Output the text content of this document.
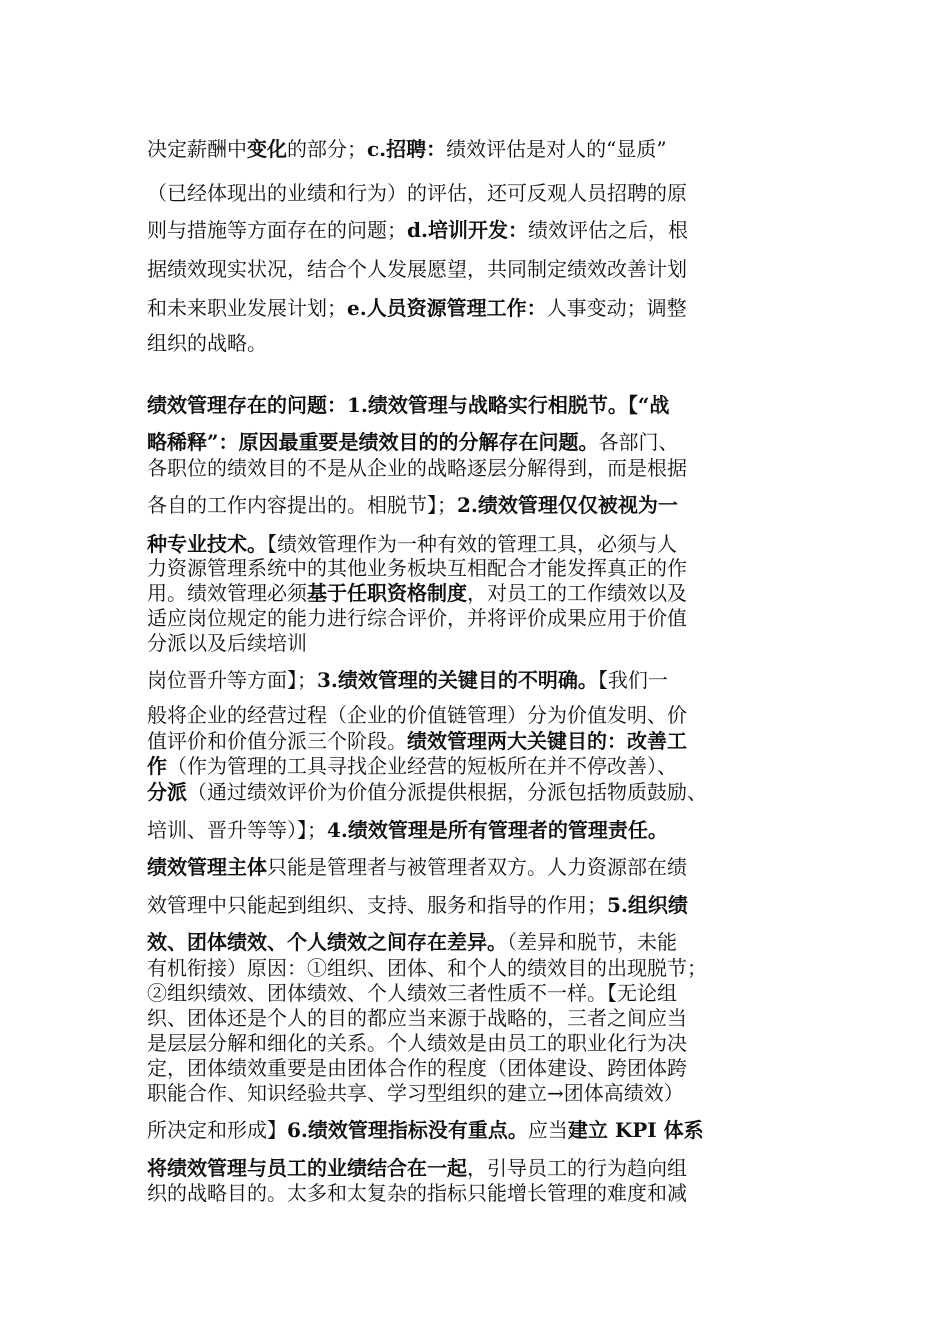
决定薪酬中变化的部分；c.招聘：绩效评估是对人的“显质”
（已经体现出的业绩和行为）的评估，还可反观人员招聘的原
则与措施等方面存在的问题；d.培训开发：绩效评估之后，根
据绩效现实状况，结合个人发展愿望，共同制定绩效改善计划
和未来职业发展计划；e.人员资源管理工作：人事变动；调整
组织的战略。
绩效管理存在的问题：1.绩效管理与战略实行相脱节。【“战
略稀释”：原因最重要是绩效目的的分解存在问题。各部门、
各职位的绩效目的不是从企业的战略逐层分解得到，而是根据
各自的工作内容提出的。相脱节】；2.绩效管理仅仅被视为一
种专业技术。【绩效管理作为一种有效的管理工具，必须与人
力资源管理系统中的其他业务板块互相配合才能发挥真正的作
用。绩效管理必须基于任职资格制度，对员工的工作绩效以及
适应岗位规定的能力进行综合评价，并将评价成果应用于价值
分派以及后续培训
岗位晋升等方面】；3.绩效管理的关键目的不明确。【我们一
般将企业的经营过程（企业的价值链管理）分为价值发明、价
值评价和价值分派三个阶段。绩效管理两大关键目的：改善工
作（作为管理的工具寻找企业经营的短板所在并不停改善）、
分派（通过绩效评价为价值分派提供根据，分派包括物质鼓励、
培训、晋升等等）】；4.绩效管理是所有管理者的管理责任。
绩效管理主体只能是管理者与被管理者双方。人力资源部在绩
效管理中只能起到组织、支持、服务和指导的作用；5.组织绩
效、团体绩效、个人绩效之间存在差异。（差异和脱节，未能
有机衔接）原因：①组织、团体、和个人的绩效目的出现脱节；
②组织绩效、团体绩效、个人绩效三者性质不一样。【无论组
织、团体还是个人的目的都应当来源于战略的，三者之间应当
是层层分解和细化的关系。个人绩效是由员工的职业化行为决
定，团体绩效重要是由团体合作的程度（团体建设、跨团体跨
职能合作、知识经验共享、学习型组织的建立→团体高绩效）
所决定和形成】6.绩效管理指标没有重点。应当建立 KPI 体系
将绩效管理与员工的业绩结合在一起，引导员工的行为趋向组
织的战略目的。太多和太复杂的指标只能增长管理的难度和减
